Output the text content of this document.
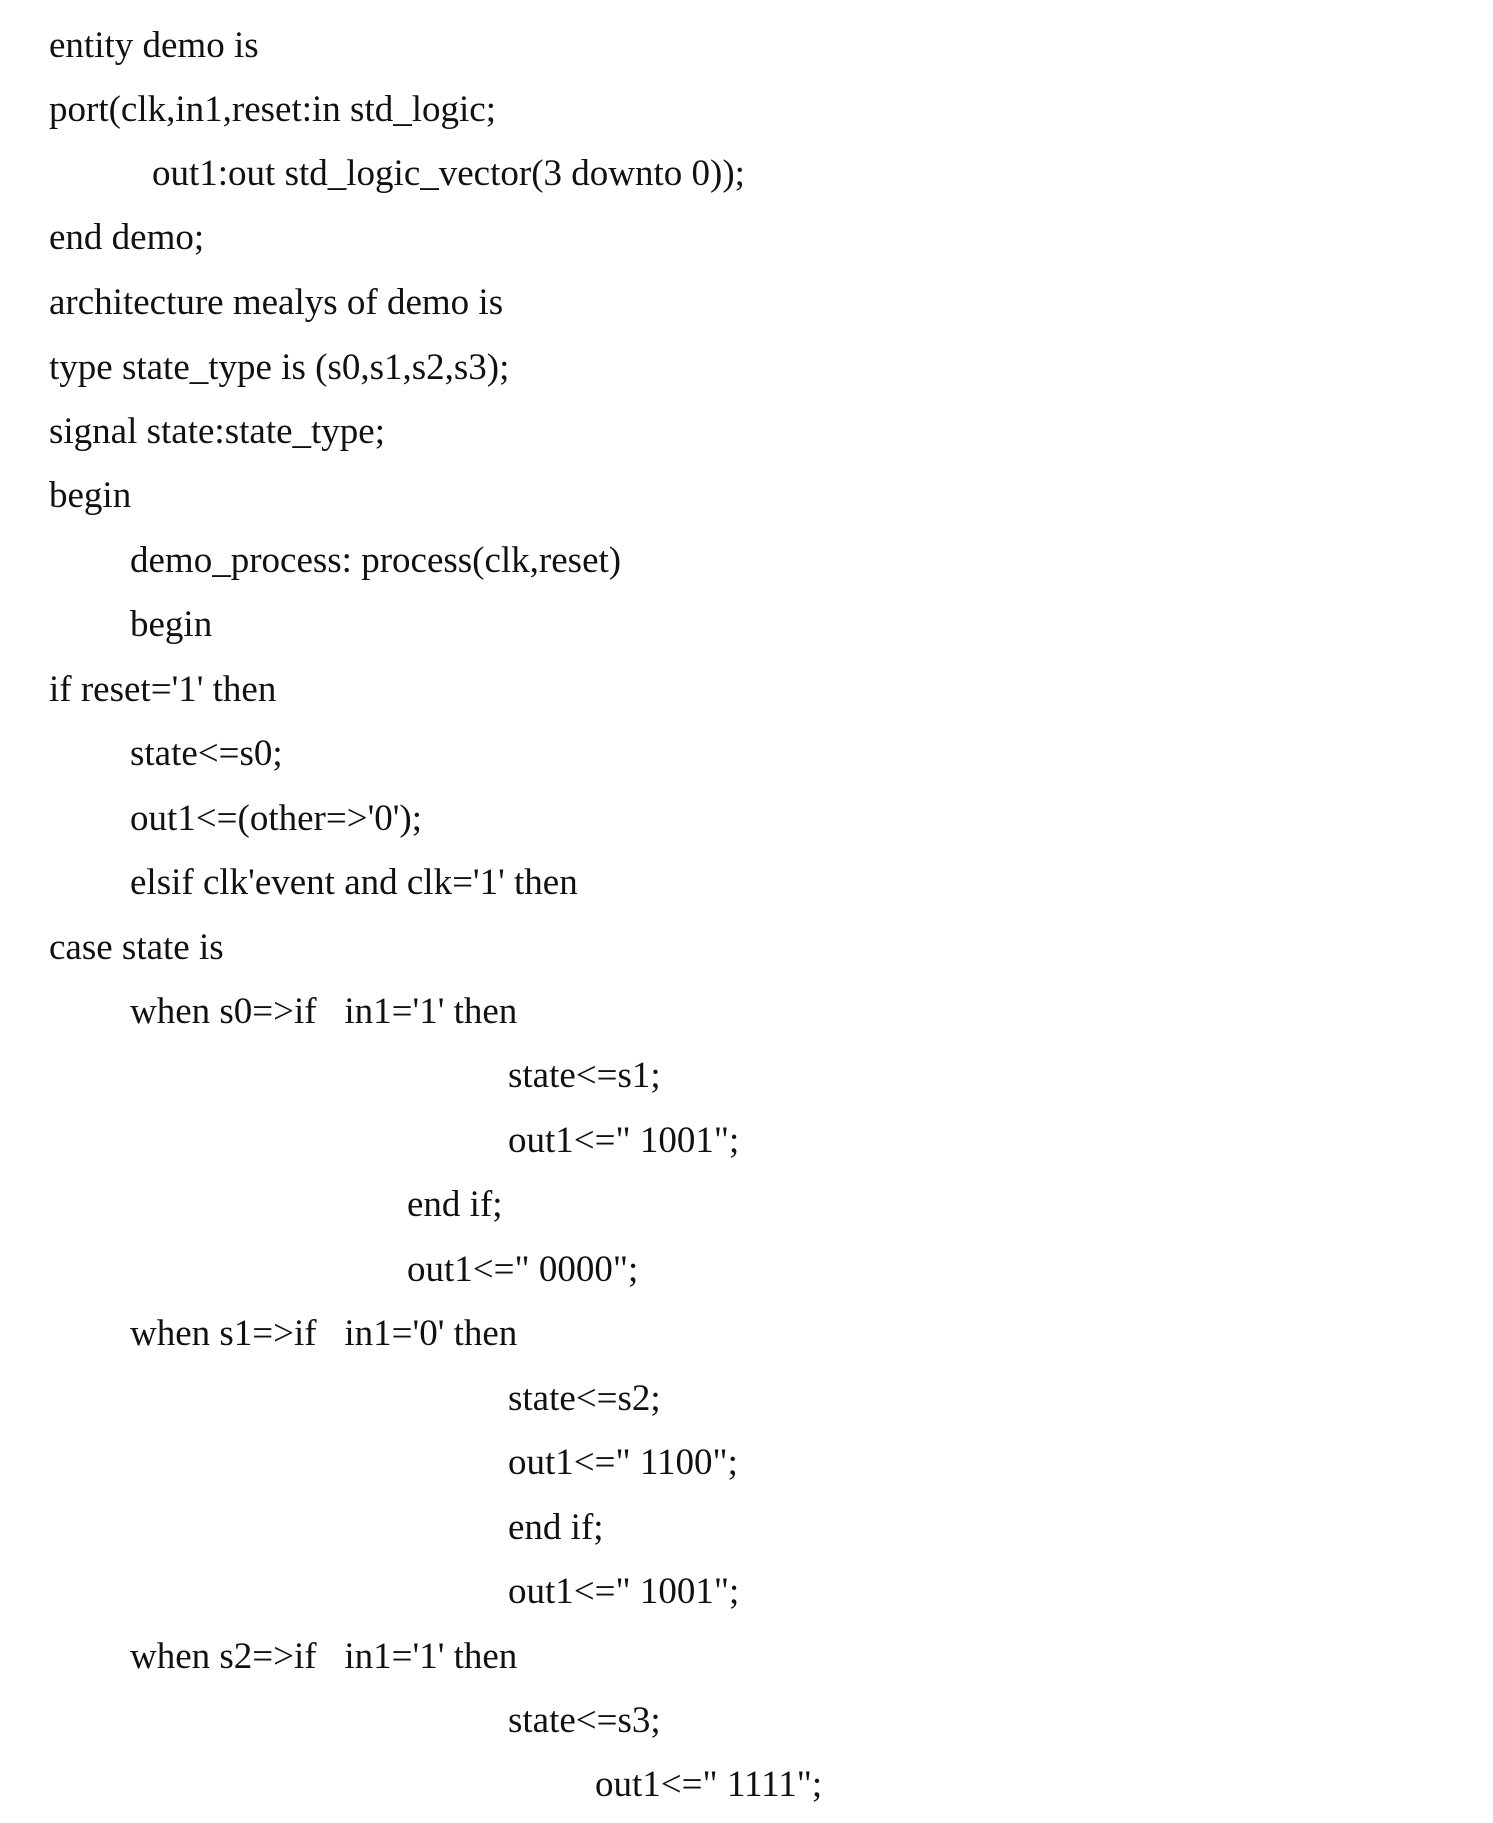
entity demo is
port(clk,in1,reset:in std_logic;
out1:out std_logic_vector(3 downto 0));
end demo;
architecture mealys of demo is
type state_type is (s0,s1,s2,s3);
signal state:state_type;
begin
demo_process: process(clk,reset)
begin
if reset='1' then
state<=s0;
out1<=(other=>'0');
elsif clk'event and clk='1' then
case state is
when s0=>if   in1='1' then
state<=s1;
out1<=" 1001";
end if;
out1<=" 0000";
when s1=>if   in1='0' then
state<=s2;
out1<=" 1100";
end if;
out1<=" 1001";
when s2=>if   in1='1' then
state<=s3;
out1<=" 1111";
